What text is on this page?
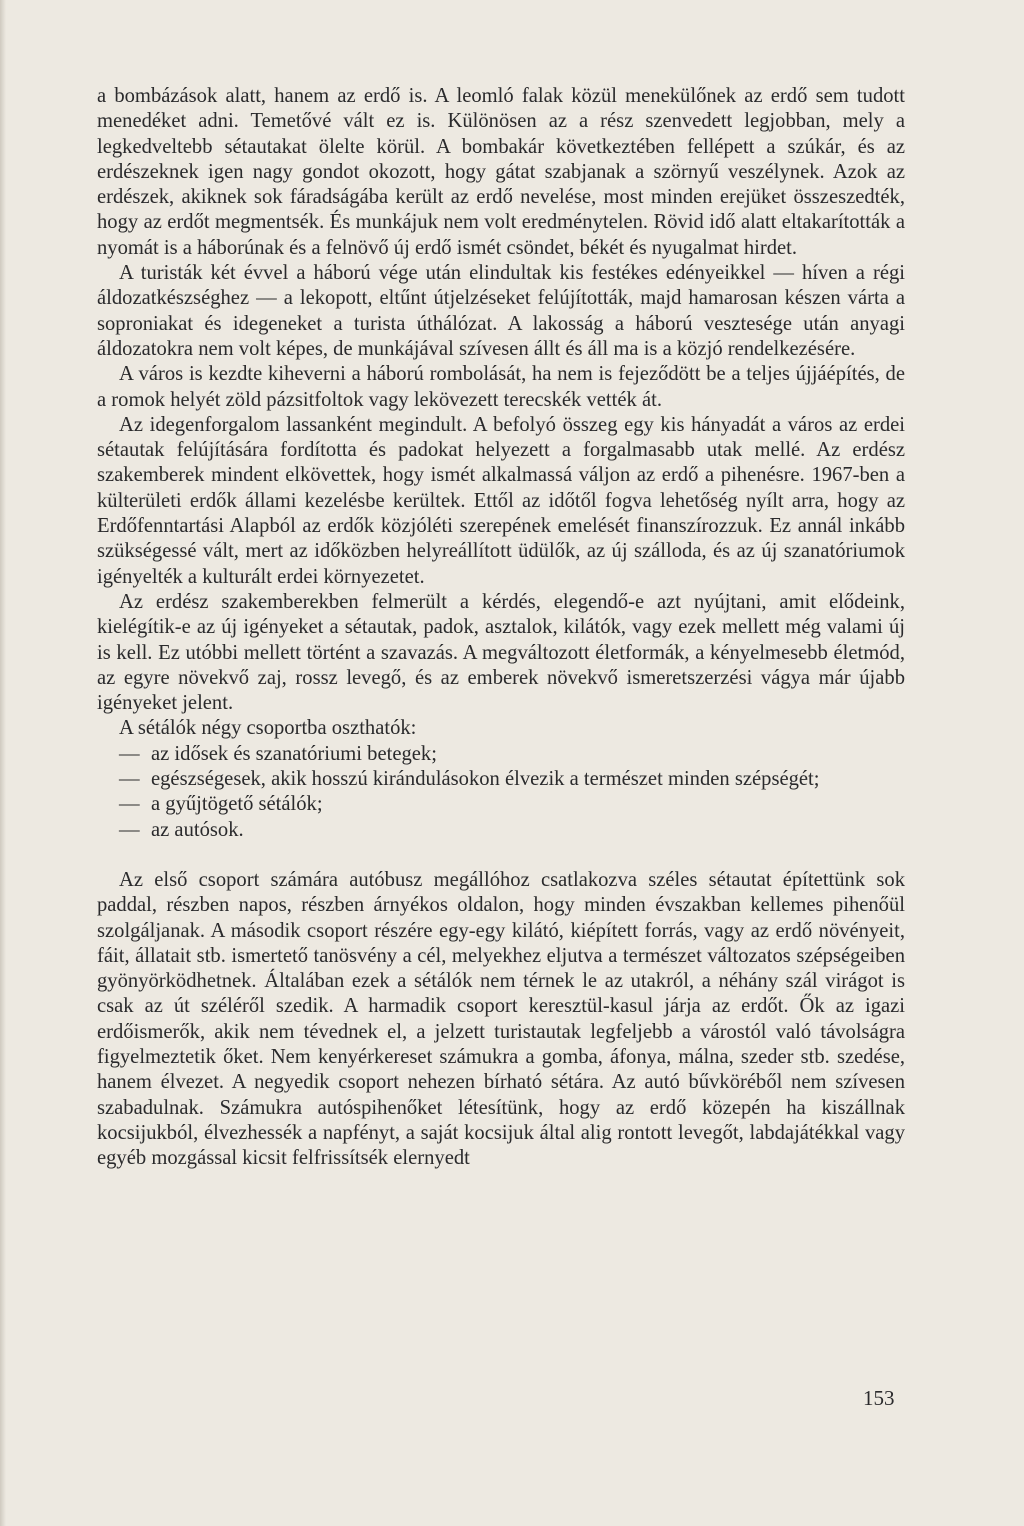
a bombázások alatt, hanem az erdő is. A leomló falak közül menekülőnek az erdő sem tudott menedéket adni. Temetővé vált ez is. Különösen az a rész szenvedett legjobban, mely a legkedveltebb sétautakat ölelte körül. A bombakár következtében fellépett a szúkár, és az erdészeknek igen nagy gondot okozott, hogy gátat szabjanak a szörnyű veszélynek. Azok az erdészek, akiknek sok fáradságába került az erdő nevelése, most minden erejüket összeszedték, hogy az erdőt megmentsék. És munkájuk nem volt eredménytelen. Rövid idő alatt eltakarították a nyomát is a háborúnak és a felnövő új erdő ismét csöndet, békét és nyugalmat hirdet.

A turisták két évvel a háború vége után elindultak kis festékes edényeikkel — híven a régi áldozatkészséghez — a lekopott, eltűnt útjelzéseket felújították, majd hamarosan készen várta a soproniakat és idegeneket a turista úthálózat. A lakosság a háború vesztesége után anyagi áldozatokra nem volt képes, de munkájával szívesen állt és áll ma is a közjó rendelkezésére.

A város is kezdte kiheverni a háború rombolását, ha nem is fejeződött be a teljes újjáépítés, de a romok helyét zöld pázsitfoltok vagy lekövezett terecskék vették át.

Az idegenforgalom lassanként megindult. A befolyó összeg egy kis hányadát a város az erdei sétautak felújítására fordította és padokat helyezett a forgalmasabb utak mellé. Az erdész szakemberek mindent elkövettek, hogy ismét alkalmassá váljon az erdő a pihenésre. 1967-ben a külterületi erdők állami kezelésbe kerültek. Ettől az időtől fogva lehetőség nyílt arra, hogy az Erdőfenntartási Alapból az erdők közjóléti szerepének emelését finanszírozzuk. Ez annál inkább szükségessé vált, mert az időközben helyreállított üdülők, az új szálloda, és az új szanatóriumok igényelték a kulturált erdei környezetet.

Az erdész szakemberekben felmerült a kérdés, elegendő-e azt nyújtani, amit elődeink, kielégítik-e az új igényeket a sétautak, padok, asztalok, kilátók, vagy ezek mellett még valami új is kell. Ez utóbbi mellett történt a szavazás. A megváltozott életformák, a kényelmesebb életmód, az egyre növekvő zaj, rossz levegő, és az emberek növekvő ismeretszerzési vágya már újabb igényeket jelent.

A sétálók négy csoportba oszthatók:

— az idősek és szanatóriumi betegek;
— egészségesek, akik hosszú kirándulásokon élvezik a természet minden szépségét;
— a gyűjtögető sétálók;
— az autósok.

Az első csoport számára autóbusz megállóhoz csatlakozva széles sétautat építettünk sok paddal, részben napos, részben árnyékos oldalon, hogy minden évszakban kellemes pihenőül szolgáljanak. A második csoport részére egy-egy kilátó, kiépített forrás, vagy az erdő növényeit, fáit, állatait stb. ismertető tanösvény a cél, melyekhez eljutva a természet változatos szépségeiben gyönyörködhetnek. Általában ezek a sétálók nem térnek le az utakról, a néhány szál virágot is csak az út széléről szedik. A harmadik csoport keresztül-kasul járja az erdőt. Ők az igazi erdőismerők, akik nem tévednek el, a jelzett turistautak legfeljebb a várostól való távolságra figyelmeztetik őket. Nem kenyérkereset számukra a gomba, áfonya, málna, szeder stb. szedése, hanem élvezet. A negyedik csoport nehezen bírható sétára. Az autó bűvköréből nem szívesen szabadulnak. Számukra autóspihenőket létesítünk, hogy az erdő közepén ha kiszállnak kocsijukból, élvezhessék a napfényt, a saját kocsijuk által alig rontott levegőt, labdajátékkal vagy egyéb mozgással kicsit felfrissítsék elernyedt

153
